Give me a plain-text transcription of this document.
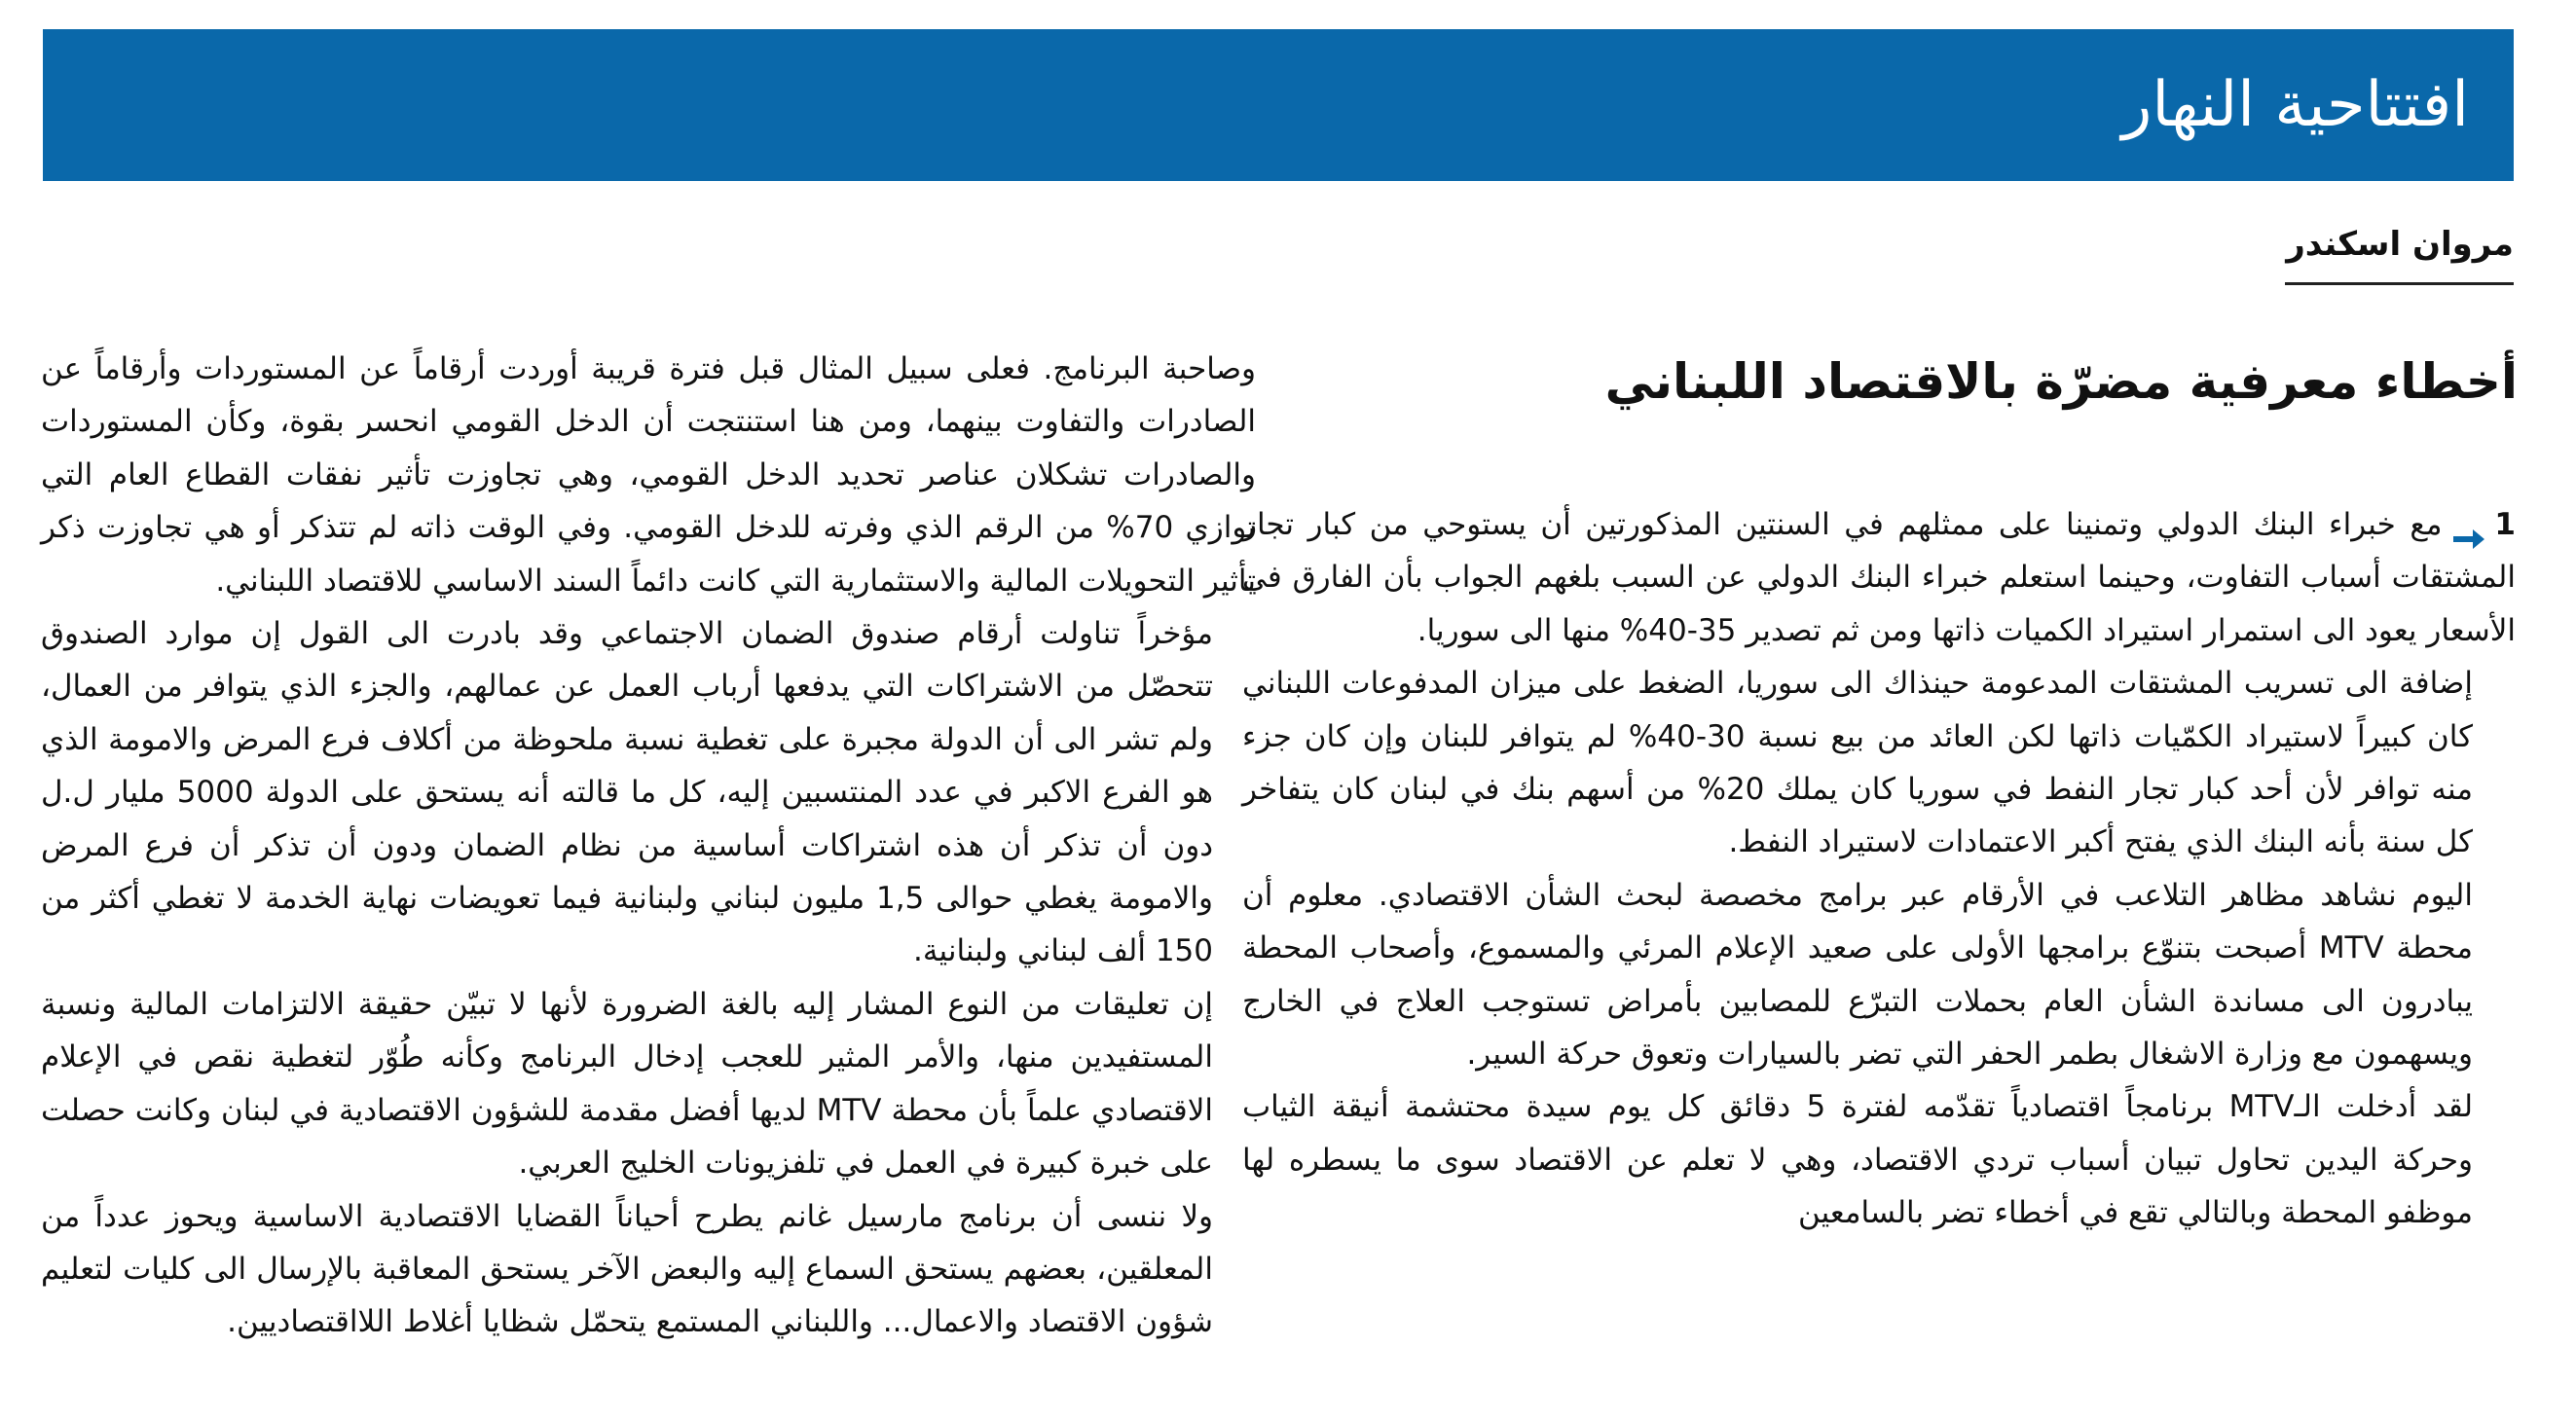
افتتاحية النهار
مروان اسكندر
أخطاء معرفية مضرّة بالاقتصاد اللبناني

1مع خبراء البنك الدولي وتمنينا على ممثلهم في السنتين المذكورتين أن يستوحي من كبار تجار المشتقات أسباب التفاوت، وحينما استعلم خبراء البنك الدولي عن السبب بلغهم الجواب بأن الفارق في الأسعار يعود الى استمرار استيراد الكميات ذاتها ومن ثم تصدير 35-40% منها الى سوريا.

إضافة الى تسريب المشتقات المدعومة حينذاك الى سوريا، الضغط على ميزان المدفوعات اللبناني كان كبيراً لاستيراد الكمّيات ذاتها لكن العائد من بيع نسبة 30-40% لم يتوافر للبنان وإن كان جزء منه توافر لأن أحد كبار تجار النفط في سوريا كان يملك 20% من أسهم بنك في لبنان كان يتفاخر كل سنة بأنه البنك الذي يفتح أكبر الاعتمادات لاستيراد النفط.

اليوم نشاهد مظاهر التلاعب في الأرقام عبر برامج مخصصة لبحث الشأن الاقتصادي. معلوم أن محطة MTV أصبحت بتنوّع برامجها الأولى على صعيد الإعلام المرئي والمسموع، وأصحاب المحطة يبادرون الى مساندة الشأن العام بحملات التبرّع للمصابين بأمراض تستوجب العلاج في الخارج ويسهمون مع وزارة الاشغال بطمر الحفر التي تضر بالسيارات وتعوق حركة السير.

لقد أدخلت الـMTV برنامجاً اقتصادياً تقدّمه لفترة 5 دقائق كل يوم سيدة محتشمة أنيقة الثياب وحركة اليدين تحاول تبيان أسباب تردي الاقتصاد، وهي لا تعلم عن الاقتصاد سوى ما يسطره لها موظفو المحطة وبالتالي تقع في أخطاء تضر بالسامعين

وصاحبة البرنامج. فعلى سبيل المثال قبل فترة قريبة أوردت أرقاماً عن المستوردات وأرقاماً عن الصادرات والتفاوت بينهما، ومن هنا استنتجت أن الدخل القومي انحسر بقوة، وكأن المستوردات والصادرات تشكلان عناصر تحديد الدخل القومي، وهي تجاوزت تأثير نفقات القطاع العام التي توازي 70% من الرقم الذي وفرته للدخل القومي. وفي الوقت ذاته لم تتذكر أو هي تجاوزت ذكر تأثير التحويلات المالية والاستثمارية التي كانت دائماً السند الاساسي للاقتصاد اللبناني.

مؤخراً تناولت أرقام صندوق الضمان الاجتماعي وقد بادرت الى القول إن موارد الصندوق تتحصّل من الاشتراكات التي يدفعها أرباب العمل عن عمالهم، والجزء الذي يتوافر من العمال، ولم تشر الى أن الدولة مجبرة على تغطية نسبة ملحوظة من أكلاف فرع المرض والامومة الذي هو الفرع الاكبر في عدد المنتسبين إليه، كل ما قالته أنه يستحق على الدولة 5000 مليار ل.ل دون أن تذكر أن هذه اشتراكات أساسية من نظام الضمان ودون أن تذكر أن فرع المرض والامومة يغطي حوالى 1,5 مليون لبناني ولبنانية فيما تعويضات نهاية الخدمة لا تغطي أكثر من 150 ألف لبناني ولبنانية.

إن تعليقات من النوع المشار إليه بالغة الضرورة لأنها لا تبيّن حقيقة الالتزامات المالية ونسبة المستفيدين منها، والأمر المثير للعجب إدخال البرنامج وكأنه طُوّر لتغطية نقص في الإعلام الاقتصادي علماً بأن محطة MTV لديها أفضل مقدمة للشؤون الاقتصادية في لبنان وكانت حصلت على خبرة كبيرة في العمل في تلفزيونات الخليج العربي.

ولا ننسى أن برنامج مارسيل غانم يطرح أحياناً القضايا الاقتصادية الاساسية ويحوز عدداً من المعلقين، بعضهم يستحق السماع إليه والبعض الآخر يستحق المعاقبة بالإرسال الى كليات لتعليم شؤون الاقتصاد والاعمال... واللبناني المستمع يتحمّل شظايا أغلاط اللااقتصاديين.
